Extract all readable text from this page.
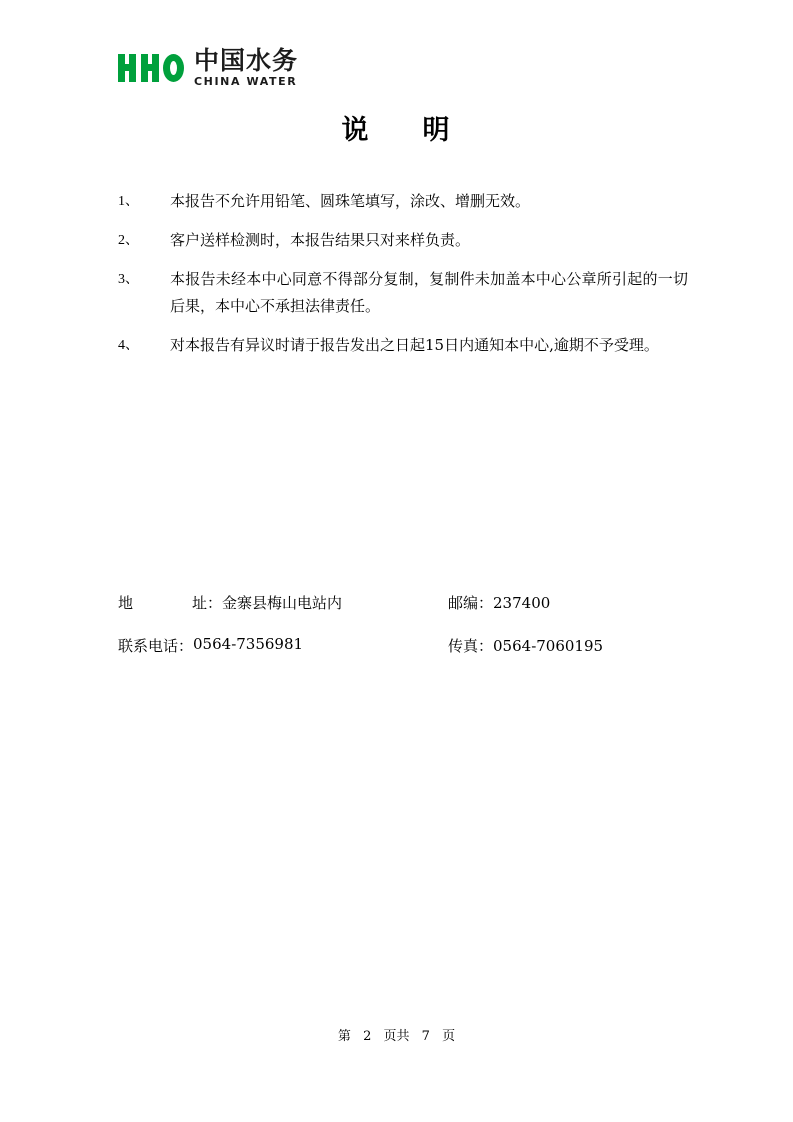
中国水务
CHINA WATER
说 明
1、	本报告不允许用铅笔、圆珠笔填写，涂改、增删无效。
2、	客户送样检测时，本报告结果只对来样负责。
3、	本报告未经本中心同意不得部分复制，复制件未加盖本中心公章所引起的一切后果，本中心不承担法律责任。
4、	对本报告有异议时请于报告发出之日起15日内通知本中心,逾期不予受理。
地	址： 金寨县梅山电站内	邮编：237400
联系电话： 0564-7356981	传真：0564-7060195
第 2 页共 7 页
